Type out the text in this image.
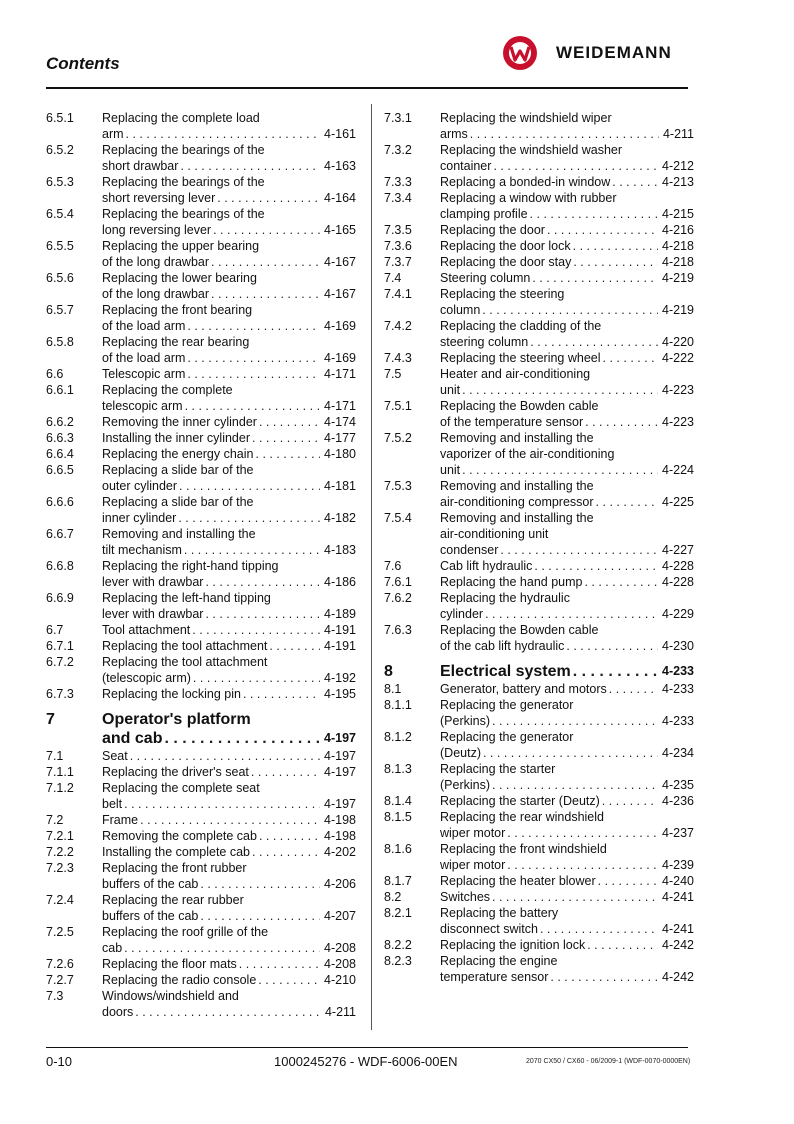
Contents
WEIDEMANN
6.5.1 Replacing the complete load
arm . . .	4-161
6.5.2 Replacing the bearings of the
short drawbar . . .	4-163
6.5.3 Replacing the bearings of the
short reversing lever . . .	4-164
6.5.4 Replacing the bearings of the
long reversing lever . . .	4-165
6.5.5 Replacing the upper bearing
of the long drawbar . . .	4-167
6.5.6 Replacing the lower bearing
of the long drawbar . . .	4-167
6.5.7 Replacing the front bearing
of the load arm . . .	4-169
6.5.8 Replacing the rear bearing
of the load arm . . .	4-169
6.6	Telescopic arm . . .	4-171
6.6.1 Replacing the complete
telescopic arm . . .	4-171
6.6.2 Removing the inner cylinder . . .	4-174
6.6.3 Installing the inner cylinder . . .	4-177
6.6.4 Replacing the energy chain . . .	4-180
6.6.5 Replacing a slide bar of the
outer cylinder . . .	4-181
6.6.6 Replacing a slide bar of the
inner cylinder . . .	4-182
6.6.7 Removing and installing the
tilt mechanism . . .	4-183
6.6.8 Replacing the right-hand tipping
lever with drawbar . . .	4-186
6.6.9 Replacing the left-hand tipping
lever with drawbar . . .	4-189
6.7	Tool attachment . . .	4-191
6.7.1 Replacing the tool attachment . . .	4-191
6.7.2 Replacing the tool attachment
(telescopic arm) . . .	4-192
6.7.3 Replacing the locking pin . . .	4-195
7	Operator's platform
and cab . . .	4-197
7.1	Seat . . .	4-197
7.1.1 Replacing the driver's seat . . .	4-197
7.1.2 Replacing the complete seat
belt . . .	4-197
7.2	Frame . . .	4-198
7.2.1 Removing the complete cab . . .	4-198
7.2.2 Installing the complete cab . . .	4-202
7.2.3 Replacing the front rubber
buffers of the cab . . .	4-206
7.2.4 Replacing the rear rubber
buffers of the cab . . .	4-207
7.2.5 Replacing the roof grille of the
cab . . .	4-208
7.2.6 Replacing the floor mats . . .	4-208
7.2.7 Replacing the radio console . . .	4-210
7.3	Windows/windshield and
doors . . .	4-211
7.3.1 Replacing the windshield wiper
arms . . .	4-211
7.3.2 Replacing the windshield washer
container . . .	4-212
7.3.3 Replacing a bonded-in window . . .	4-213
7.3.4 Replacing a window with rubber
clamping profile . . .	4-215
7.3.5 Replacing the door . . .	4-216
7.3.6 Replacing the door lock . . .	4-218
7.3.7 Replacing the door stay . . .	4-218
7.4	Steering column . . .	4-219
7.4.1 Replacing the steering
column . . .	4-219
7.4.2 Replacing the cladding of the
steering column . . .	4-220
7.4.3 Replacing the steering wheel . . .	4-222
7.5	Heater and air-conditioning
unit . . .	4-223
7.5.1 Replacing the Bowden cable
of the temperature sensor . . .	4-223
7.5.2 Removing and installing the
vaporizer of the air-conditioning
unit . . .	4-224
7.5.3 Removing and installing the
air-conditioning compressor . . .	4-225
7.5.4 Removing and installing the
air-conditioning unit
condenser . . .	4-227
7.6	Cab lift hydraulic . . .	4-228
7.6.1 Replacing the hand pump . . .	4-228
7.6.2 Replacing the hydraulic
cylinder . . .	4-229
7.6.3 Replacing the Bowden cable
of the cab lift hydraulic . . .	4-230
8	Electrical system . . .	4-233
8.1	Generator, battery and motors . . .	4-233
8.1.1 Replacing the generator
(Perkins) . . .	4-233
8.1.2 Replacing the generator
(Deutz) . . .	4-234
8.1.3 Replacing the starter
(Perkins) . . .	4-235
8.1.4 Replacing the starter (Deutz) . . .	4-236
8.1.5 Replacing the rear windshield
wiper motor . . .	4-237
8.1.6 Replacing the front windshield
wiper motor . . .	4-239
8.1.7 Replacing the heater blower . . .	4-240
8.2	Switches . . .	4-241
8.2.1 Replacing the battery
disconnect switch . . .	4-241
8.2.2 Replacing the ignition lock . . .	4-242
8.2.3 Replacing the engine
temperature sensor . . .	4-242
0-10	1000245276 - WDF-6006-00EN	2070 CX50 / CX60 - 06/2009-1 (WDF-0070-0000EN)
